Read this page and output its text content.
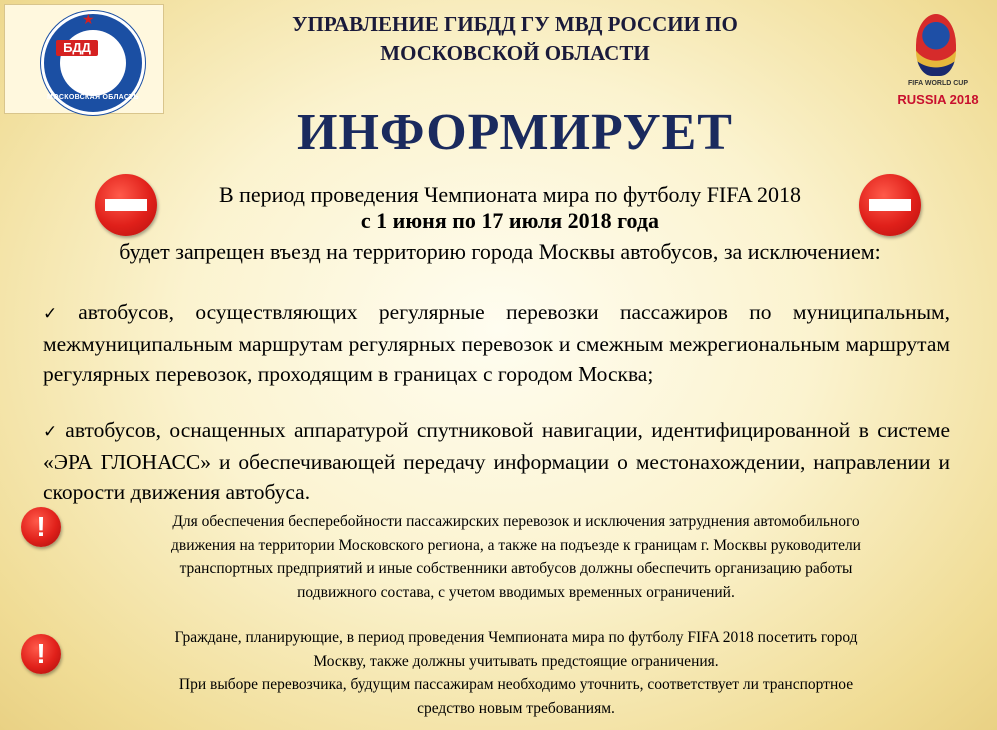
★
БДД
МОСКОВСКАЯ ОБЛАСТЬ
FIFA WORLD CUP
RUSSIA 2018
УПРАВЛЕНИЕ ГИБДД ГУ МВД РОССИИ ПО
МОСКОВСКОЙ ОБЛАСТИ
ИНФОРМИРУЕТ
В период проведения Чемпионата мира по футболу FIFA 2018
с 1 июня по 17 июля 2018 года
будет запрещен въезд на территорию города Москвы автобусов, за исключением:
✓ автобусов, осуществляющих регулярные перевозки пассажиров по муниципальным, межмуниципальным маршрутам регулярных перевозок и смежным межрегиональным маршрутам регулярных перевозок, проходящим в границах с городом Москва;
✓ автобусов, оснащенных аппаратурой спутниковой навигации, идентифицированной в системе «ЭРА ГЛОНАСС» и обеспечивающей передачу информации о местонахождении, направлении и скорости движения автобуса.
!	Для обеспечения бесперебойности пассажирских перевозок и исключения затруднения автомобильного
движения на территории Московского региона, а также на подъезде к границам г. Москвы руководители
транспортных предприятий и иные собственники автобусов должны обеспечить организацию работы
подвижного состава, с учетом вводимых временных ограничений.
!
Граждане, планирующие, в период проведения Чемпионата мира по футболу FIFA 2018 посетить город
Москву, также должны учитывать предстоящие ограничения.
При выборе перевозчика, будущим пассажирам необходимо уточнить, соответствует ли транспортное
средство новым требованиям.
